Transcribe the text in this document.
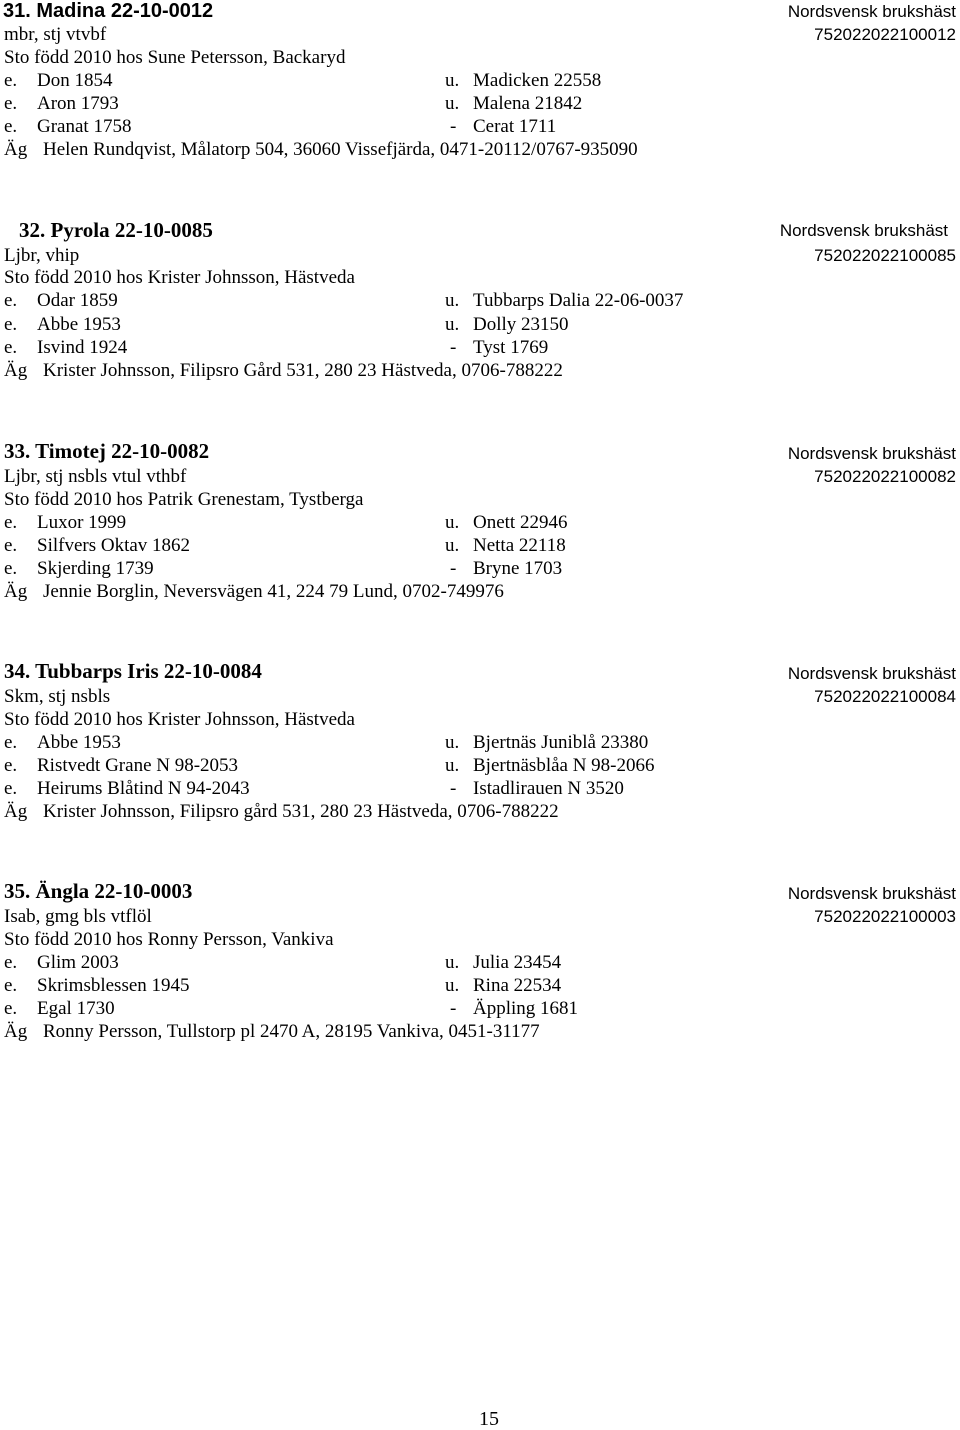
31. Madina 22-10-0012	Nordsvensk brukshäst
mbr, stj vtvbf	752022022100012
Sto född 2010 hos Sune Petersson, Backaryd
e. Don 1854	u. Madicken 22558
e. Aron 1793	u. Malena 21842
e. Granat 1758	- Cerat 1711
Äg Helen Rundqvist, Målatorp 504, 36060 Vissefjärda, 0471-20112/0767-935090
32. Pyrola 22-10-0085	Nordsvensk brukshäst
Ljbr, vhip	752022022100085
Sto född 2010 hos Krister Johnsson, Hästveda
e. Odar 1859	u. Tubbarps Dalia 22-06-0037
e. Abbe 1953	u. Dolly 23150
e. Isvind 1924	- Tyst 1769
Äg Krister Johnsson, Filipsro Gård 531, 280 23 Hästveda, 0706-788222
33. Timotej 22-10-0082	Nordsvensk brukshäst
Ljbr, stj nsbls vtul vthbf	752022022100082
Sto född 2010 hos Patrik Grenestam, Tystberga
e. Luxor 1999	u. Onett 22946
e. Silfvers Oktav 1862	u. Netta 22118
e. Skjerding 1739	- Bryne 1703
Äg Jennie Borglin, Neversvägen 41, 224 79 Lund, 0702-749976
34. Tubbarps Iris 22-10-0084	Nordsvensk brukshäst
Skm, stj nsbls	752022022100084
Sto född 2010 hos Krister Johnsson, Hästveda
e. Abbe 1953	u. Bjertnäs Juniblå 23380
e. Ristvedt Grane N 98-2053	u. Bjertnäsblåa N 98-2066
e. Heirums Blåtind N 94-2043	- Istadlirauen N 3520
Äg Krister Johnsson, Filipsro gård 531, 280 23 Hästveda, 0706-788222
35. Ängla 22-10-0003	Nordsvensk brukshäst
Isab, gmg bls vtflöl	752022022100003
Sto född 2010 hos Ronny Persson, Vankiva
e. Glim 2003	u. Julia 23454
e. Skrimsblessen 1945	u. Rina 22534
e. Egal 1730	- Äppling 1681
Äg Ronny Persson, Tullstorp pl 2470 A, 28195 Vankiva, 0451-31177
15
